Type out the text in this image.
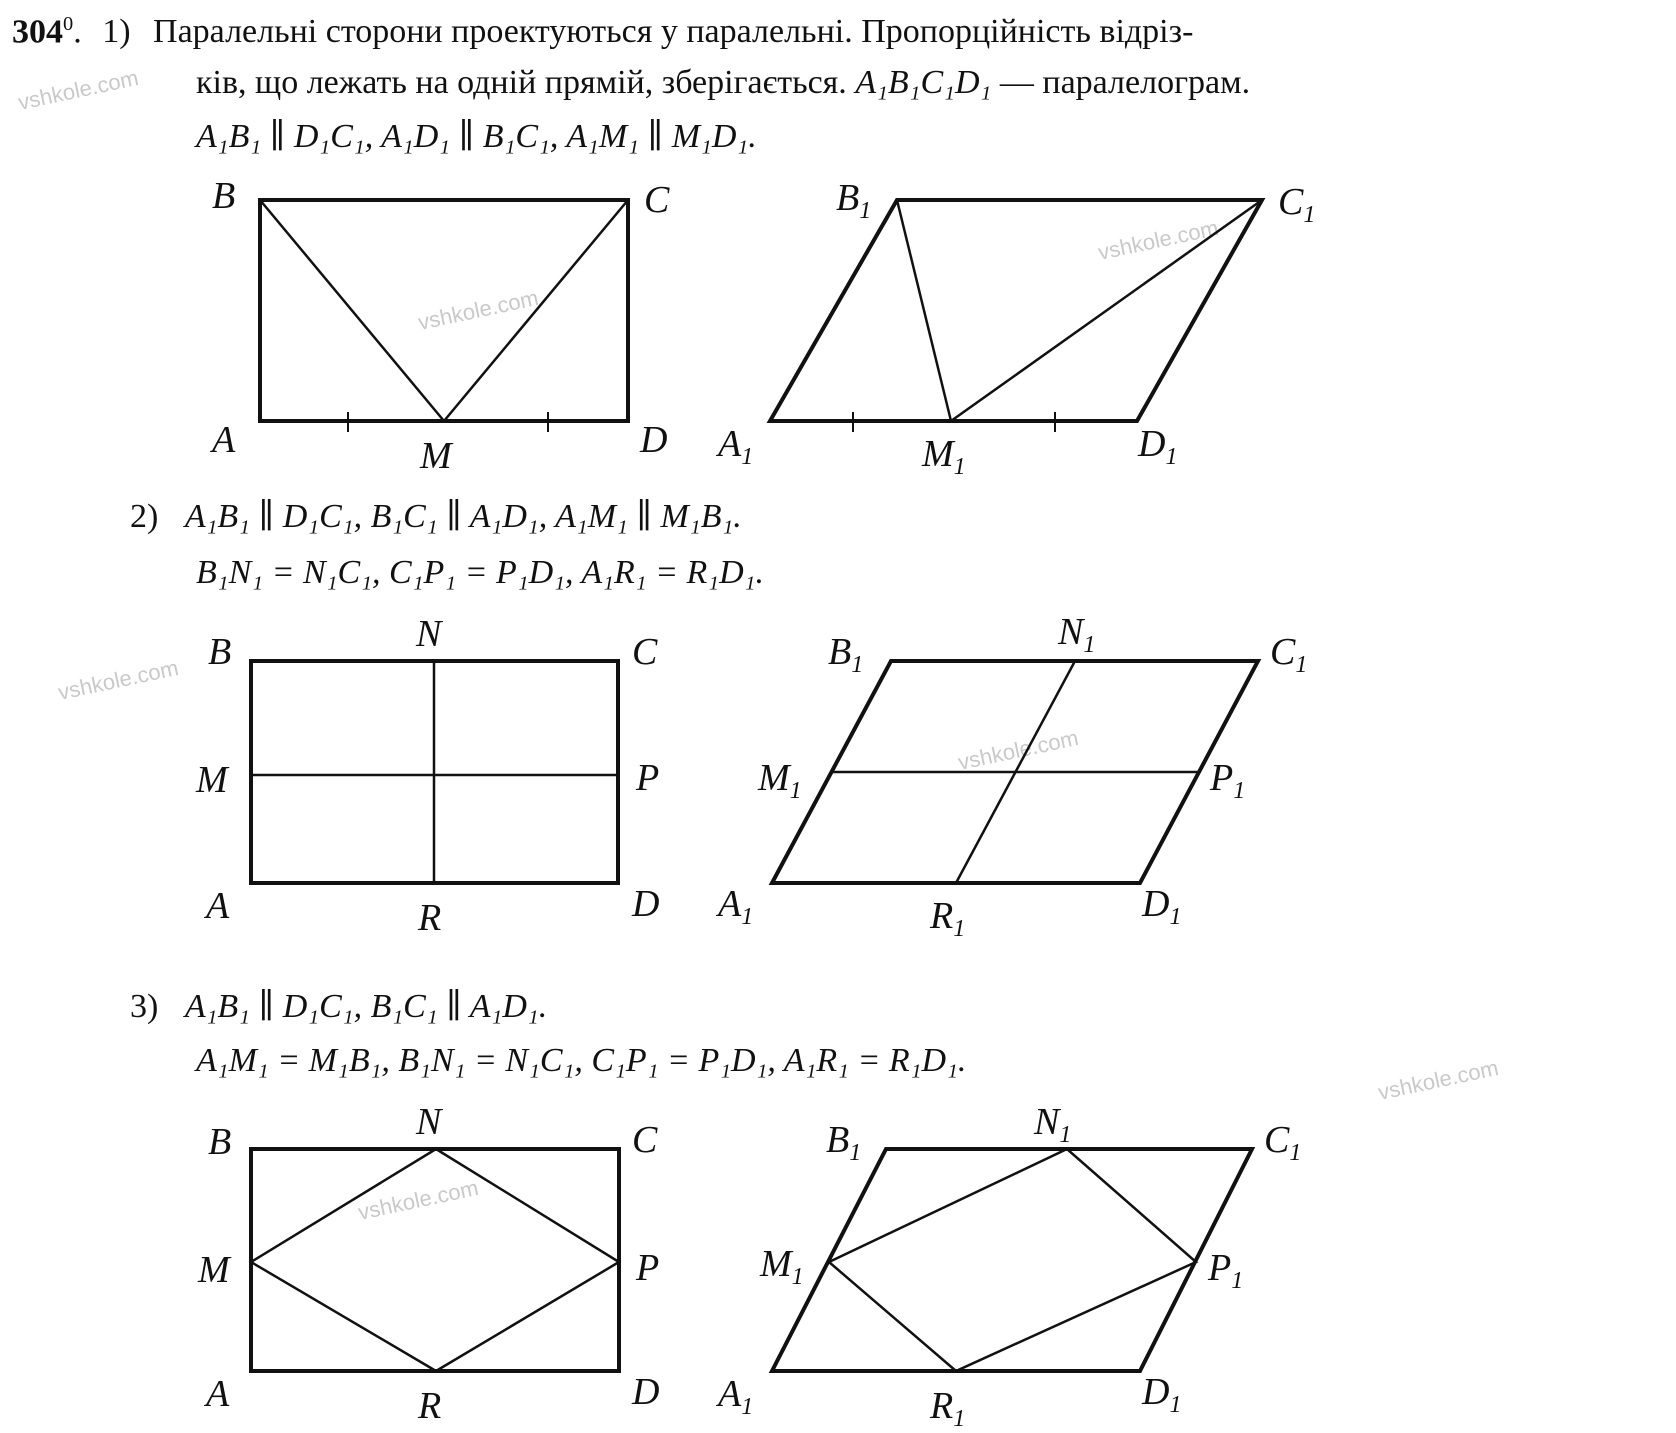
$304^0$. 1) Паралельні сторони проектуються у паралельні. Пропорційність відріз-
ків, що лежать на одній прямій, зберігається. A₁B₁C₁D₁ — паралелограм.
A₁B₁ ∥ D₁C₁, A₁D₁ ∥ B₁C₁, A₁M₁ ∥ M₁D₁.
2) A₁B₁ ∥ D₁C₁, B₁C₁ ∥ A₁D₁, A₁M₁ ∥ M₁B₁.
B₁N₁ = N₁C₁, C₁P₁ = P₁D₁, A₁R₁ = R₁D₁.
3) A₁B₁ ∥ D₁C₁, B₁C₁ ∥ A₁D₁.
A₁M₁ = M₁B₁, B₁N₁ = N₁C₁, C₁P₁ = P₁D₁, A₁R₁ = R₁D₁.
vshkole.com
vshkole.com
vshkole.com
vshkole.com
vshkole.com
vshkole.com
vshkole.com
B	C
A	M	D
$B_1$	$C_1$
$A_1$	$M_1$
$D_1$
B	N	C
M	P
A	R	D
$B_1$
$N_1$	$C_1$
$M_1$	$P_1$
$A_1$	$R_1$
$D_1$
B	N	C
M	P
A	R	D
$B_1$
$N_1$	$C_1$
$M_1$	$P_1$
$A_1$	$R_1$
$D_1$
